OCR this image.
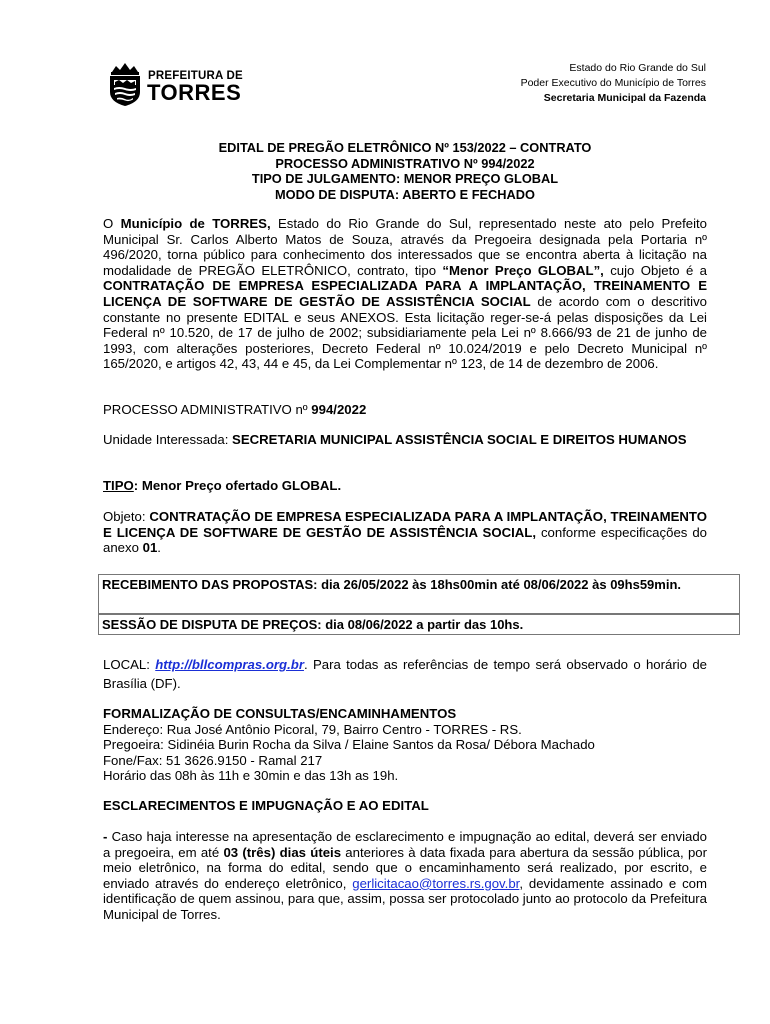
PREFEITURA DE
TORRES
Estado do Rio Grande do Sul
Poder Executivo do Município de Torres
Secretaria Municipal da Fazenda
EDITAL DE PREGÃO ELETRÔNICO Nº 153/2022 – CONTRATO
PROCESSO ADMINISTRATIVO Nº 994/2022
TIPO DE JULGAMENTO: MENOR PREÇO GLOBAL
MODO DE DISPUTA: ABERTO E FECHADO
O Município de TORRES, Estado do Rio Grande do Sul, representado neste ato pelo Prefeito Municipal Sr. Carlos Alberto Matos de Souza, através da Pregoeira designada pela Portaria nº 496/2020, torna público para conhecimento dos interessados que se encontra aberta à licitação na modalidade de PREGÃO ELETRÔNICO, contrato, tipo “Menor Preço GLOBAL”, cujo Objeto é a CONTRATAÇÃO DE EMPRESA ESPECIALIZADA PARA A IMPLANTAÇÃO, TREINAMENTO E LICENÇA DE SOFTWARE DE GESTÃO DE ASSISTÊNCIA SOCIAL de acordo com o descritivo constante no presente EDITAL e seus ANEXOS. Esta licitação reger-se-á pelas disposições da Lei Federal nº 10.520, de 17 de julho de 2002; subsidiariamente pela Lei nº 8.666/93 de 21 de junho de 1993, com alterações posteriores, Decreto Federal nº 10.024/2019 e pelo Decreto Municipal nº 165/2020, e artigos 42, 43, 44 e 45, da Lei Complementar nº 123, de 14 de dezembro de 2006.
PROCESSO ADMINISTRATIVO nº 994/2022
Unidade Interessada: SECRETARIA MUNICIPAL ASSISTÊNCIA SOCIAL E DIREITOS HUMANOS
TIPO: Menor Preço ofertado GLOBAL.
Objeto: CONTRATAÇÃO DE EMPRESA ESPECIALIZADA PARA A IMPLANTAÇÃO, TREINAMENTO E LICENÇA DE SOFTWARE DE GESTÃO DE ASSISTÊNCIA SOCIAL, conforme especificações do anexo 01.
RECEBIMENTO DAS PROPOSTAS: dia 26/05/2022 às 18hs00min até 08/06/2022 às 09hs59min.
SESSÃO DE DISPUTA DE PREÇOS: dia 08/06/2022 a partir das 10hs.
LOCAL: http://bllcompras.org.br. Para todas as referências de tempo será observado o horário de Brasília (DF).
FORMALIZAÇÃO DE CONSULTAS/ENCAMINHAMENTOS
Endereço: Rua José Antônio Picoral, 79, Bairro Centro - TORRES - RS.
Pregoeira: Sidinéia Burin Rocha da Silva / Elaine Santos da Rosa/ Débora Machado
Fone/Fax: 51 3626.9150 - Ramal 217
Horário das 08h às 11h e 30min e das 13h as 19h.
ESCLARECIMENTOS E IMPUGNAÇÃO E AO EDITAL
- Caso haja interesse na apresentação de esclarecimento e impugnação ao edital, deverá ser enviado a pregoeira, em até 03 (três) dias úteis anteriores à data fixada para abertura da sessão pública, por meio eletrônico, na forma do edital, sendo que o encaminhamento será realizado, por escrito, e enviado através do endereço eletrônico, gerlicitacao@torres.rs.gov.br, devidamente assinado e com identificação de quem assinou, para que, assim, possa ser protocolado junto ao protocolo da Prefeitura Municipal de Torres.
